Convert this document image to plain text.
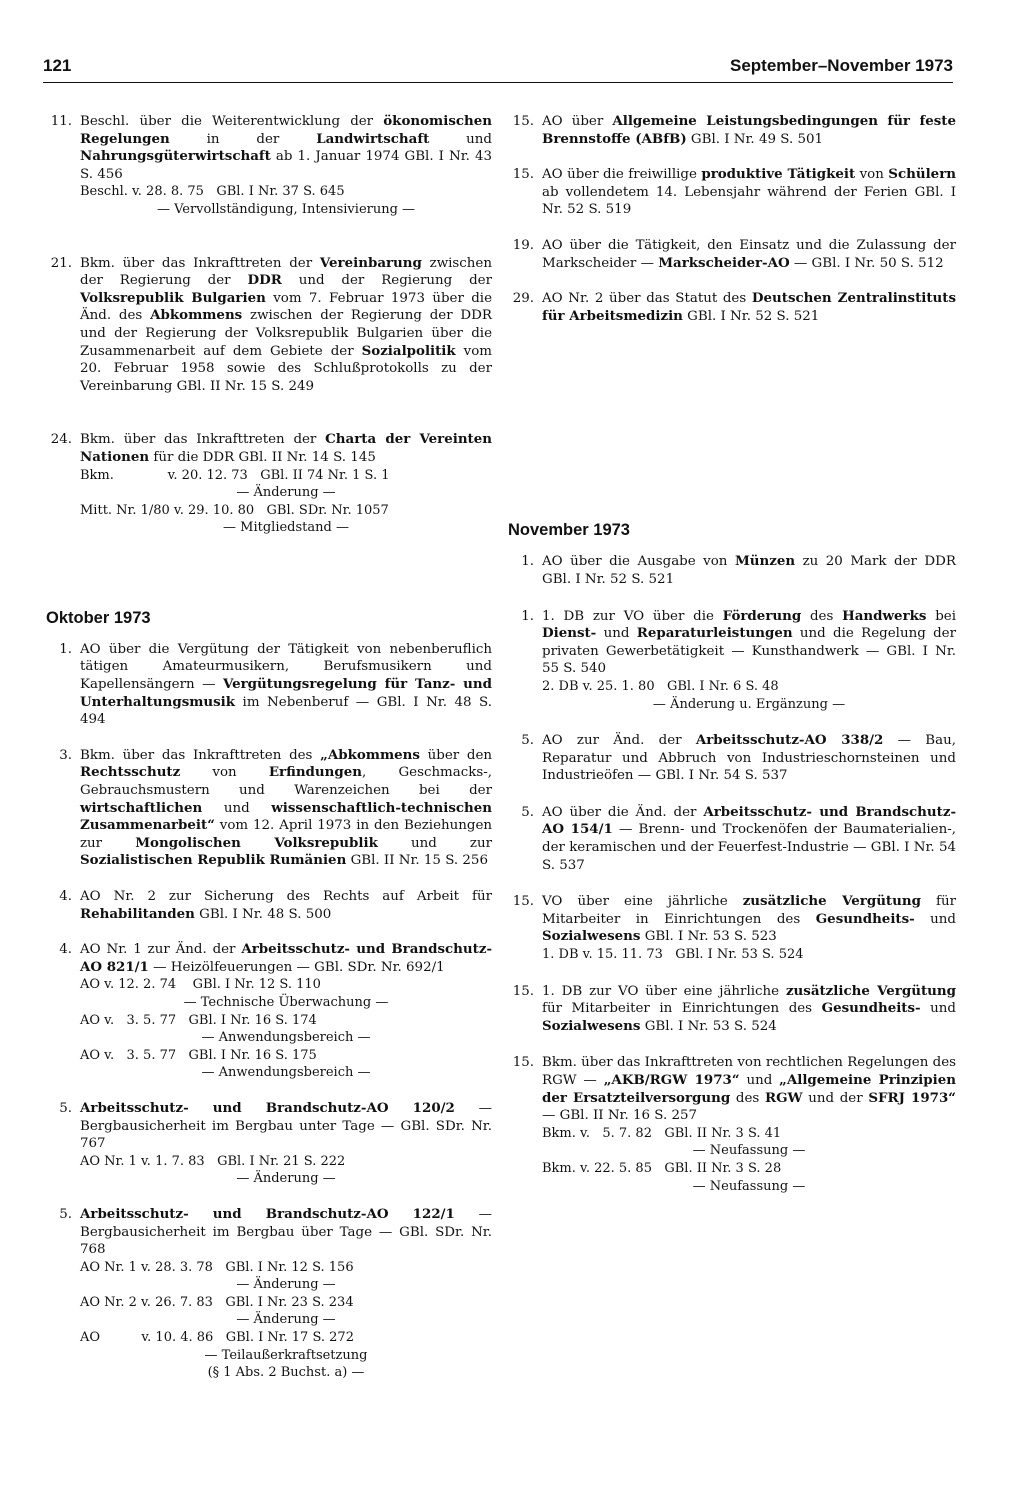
121	September–November 1973
11. Beschl. über die Weiterentwicklung der ökonomischen Regelungen in der Landwirtschaft und Nahrungsgüterwirtschaft ab 1. Januar 1974 GBl. I Nr. 43 S. 456

Beschl. v. 28. 8. 75   GBl. I Nr. 37 S. 645

— Vervollständigung, Intensivierung —

21. Bkm. über das Inkrafttreten der Vereinbarung zwischen der Regierung der DDR und der Regierung der Volksrepublik Bulgarien vom 7. Februar 1973 über die Änd. des Abkommens zwischen der Regierung der DDR und der Regierung der Volksrepublik Bulgarien über die Zusammenarbeit auf dem Gebiete der Sozialpolitik vom 20. Februar 1958 sowie des Schlußprotokolls zu der Vereinbarung GBl. II Nr. 15 S. 249

24. Bkm. über das Inkrafttreten der Charta der Vereinten Nationen für die DDR GBl. II Nr. 14 S. 145

Bkm.             v. 20. 12. 73   GBl. II 74 Nr. 1 S. 1

— Änderung —

Mitt. Nr. 1/80 v. 29. 10. 80   GBl. SDr. Nr. 1057

— Mitgliedstand —

Oktober 1973
1. AO über die Vergütung der Tätigkeit von nebenberuflich tätigen Amateurmusikern, Berufsmusikern und Kapellensängern — Vergütungsregelung für Tanz- und Unterhaltungsmusik im Nebenberuf — GBl. I Nr. 48 S. 494

3. Bkm. über das Inkrafttreten des „Abkommens über den Rechtsschutz von Erfindungen, Geschmacks-, Gebrauchsmustern und Warenzeichen bei der wirtschaftlichen und wissenschaftlich-technischen Zusammenarbeit“ vom 12. April 1973 in den Beziehungen zur Mongolischen Volksrepublik und zur Sozialistischen Republik Rumänien GBl. II Nr. 15 S. 256

4. AO Nr. 2 zur Sicherung des Rechts auf Arbeit für Rehabilitanden GBl. I Nr. 48 S. 500

4. AO Nr. 1 zur Änd. der Arbeitsschutz- und Brandschutz-AO 821/1 — Heizölfeuerungen — GBl. SDr. Nr. 692/1

AO v. 12. 2. 74    GBl. I Nr. 12 S. 110

— Technische Überwachung —

AO v.   3. 5. 77   GBl. I Nr. 16 S. 174

— Anwendungsbereich —

AO v.   3. 5. 77   GBl. I Nr. 16 S. 175

— Anwendungsbereich —

5. Arbeitsschutz- und Brandschutz-AO 120/2 — Bergbausicherheit im Bergbau unter Tage — GBl. SDr. Nr. 767

AO Nr. 1 v. 1. 7. 83   GBl. I Nr. 21 S. 222

— Änderung —

5. Arbeitsschutz- und Brandschutz-AO 122/1 — Bergbausicherheit im Bergbau über Tage — GBl. SDr. Nr. 768

AO Nr. 1 v. 28. 3. 78   GBl. I Nr. 12 S. 156

— Änderung —

AO Nr. 2 v. 26. 7. 83   GBl. I Nr. 23 S. 234

— Änderung —

AO          v. 10. 4. 86   GBl. I Nr. 17 S. 272

— Teilaußerkraftsetzung

(§ 1 Abs. 2 Buchst. a) —

15. AO über Allgemeine Leistungsbedingungen für feste Brennstoffe (ABfB) GBl. I Nr. 49 S. 501

15. AO über die freiwillige produktive Tätigkeit von Schülern ab vollendetem 14. Lebensjahr während der Ferien GBl. I Nr. 52 S. 519

19. AO über die Tätigkeit, den Einsatz und die Zulassung der Markscheider — Markscheider-AO — GBl. I Nr. 50 S. 512

29. AO Nr. 2 über das Statut des Deutschen Zentralinstituts für Arbeitsmedizin GBl. I Nr. 52 S. 521

November 1973
1. AO über die Ausgabe von Münzen zu 20 Mark der DDR GBl. I Nr. 52 S. 521

1. 1. DB zur VO über die Förderung des Handwerks bei Dienst- und Reparaturleistungen und die Regelung der privaten Gewerbetätigkeit — Kunsthandwerk — GBl. I Nr. 55 S. 540

2. DB v. 25. 1. 80   GBl. I Nr. 6 S. 48

— Änderung u. Ergänzung —

5. AO zur Änd. der Arbeitsschutz-AO 338/2 — Bau, Reparatur und Abbruch von Industrieschornsteinen und Industrieöfen — GBl. I Nr. 54 S. 537

5. AO über die Änd. der Arbeitsschutz- und Brandschutz-AO 154/1 — Brenn- und Trockenöfen der Baumaterialien-, der keramischen und der Feuerfest-Industrie — GBl. I Nr. 54 S. 537

15. VO über eine jährliche zusätzliche Vergütung für Mitarbeiter in Einrichtungen des Gesundheits- und Sozialwesens GBl. I Nr. 53 S. 523

1. DB v. 15. 11. 73   GBl. I Nr. 53 S. 524

15. 1. DB zur VO über eine jährliche zusätzliche Vergütung für Mitarbeiter in Einrichtungen des Gesundheits- und Sozialwesens GBl. I Nr. 53 S. 524

15. Bkm. über das Inkrafttreten von rechtlichen Regelungen des RGW — „AKB/RGW 1973“ und „Allgemeine Prinzipien der Ersatzteilversorgung des RGW und der SFRJ 1973“ — GBl. II Nr. 16 S. 257

Bkm. v.   5. 7. 82   GBl. II Nr. 3 S. 41

— Neufassung —

Bkm. v. 22. 5. 85   GBl. II Nr. 3 S. 28

— Neufassung —
